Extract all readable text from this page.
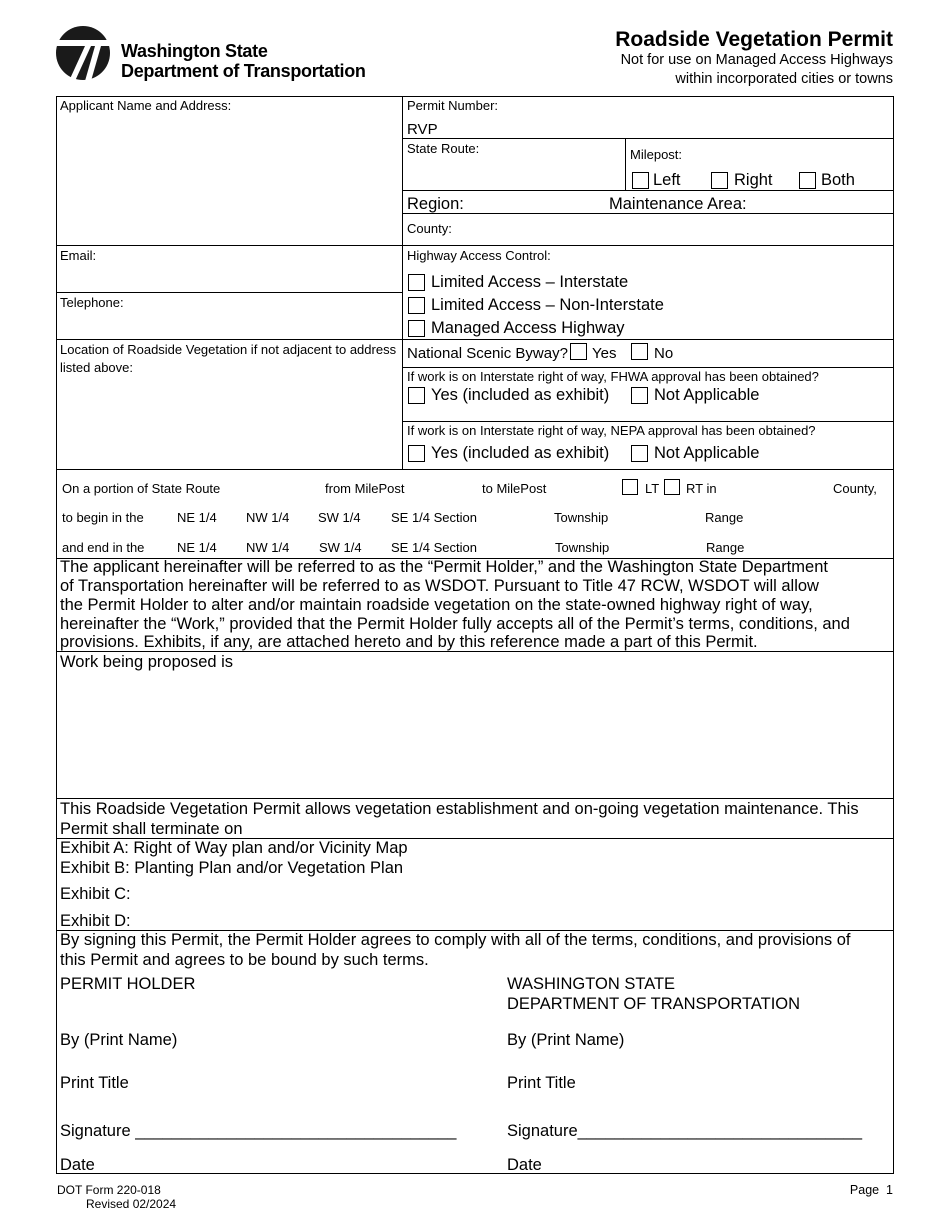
Washington State
Department of Transportation
Roadside Vegetation Permit
Not for use on Managed Access Highways
within incorporated cities or towns
Applicant Name and Address:
Email:
Telephone:
Location of Roadside Vegetation if not adjacent to address
listed above:
Permit Number:
RVP
State Route:	Milepost:
Left	Right	Both
Region:	Maintenance Area:
County:
Highway Access Control:
Limited Access – Interstate
Limited Access – Non-Interstate
Managed Access Highway
National Scenic Byway? Yes	No
If work is on Interstate right of way, FHWA approval has been obtained?
Yes (included as exhibit)	Not Applicable
If work is on Interstate right of way, NEPA approval has been obtained?
Yes (included as exhibit)	Not Applicable
On a portion of State Route	from MilePost	to MilePost	LT RT in	County,
to begin in the	NE 1/4 NW 1/4 SW 1/4 SE 1/4 Section	Township	Range
and end in the	NE 1/4 NW 1/4 SW 1/4 SE 1/4 Section	Township	Range
The applicant hereinafter will be referred to as the “Permit Holder,” and the Washington State Department
of Transportation hereinafter will be referred to as WSDOT. Pursuant to Title 47 RCW, WSDOT will allow
the Permit Holder to alter and/or maintain roadside vegetation on the state-owned highway right of way,
hereinafter the “Work,” provided that the Permit Holder fully accepts all of the Permit’s terms, conditions, and
provisions. Exhibits, if any, are attached hereto and by this reference made a part of this Permit.
Work being proposed is
This Roadside Vegetation Permit allows vegetation establishment and on-going vegetation maintenance. This
Permit shall terminate on
Exhibit A: Right of Way plan and/or Vicinity Map
Exhibit B: Planting Plan and/or Vegetation Plan
Exhibit C:
Exhibit D:
By signing this Permit, the Permit Holder agrees to comply with all of the terms, conditions, and provisions of
this Permit and agrees to be bound by such terms.
PERMIT HOLDER	WASHINGTON STATE
DEPARTMENT OF TRANSPORTATION
By (Print Name)	By (Print Name)
Print Title	Print Title
Signature ___________________________________	Signature_______________________________
Date	Date
DOT Form 220-018
Revised 02/2024
Page  1
